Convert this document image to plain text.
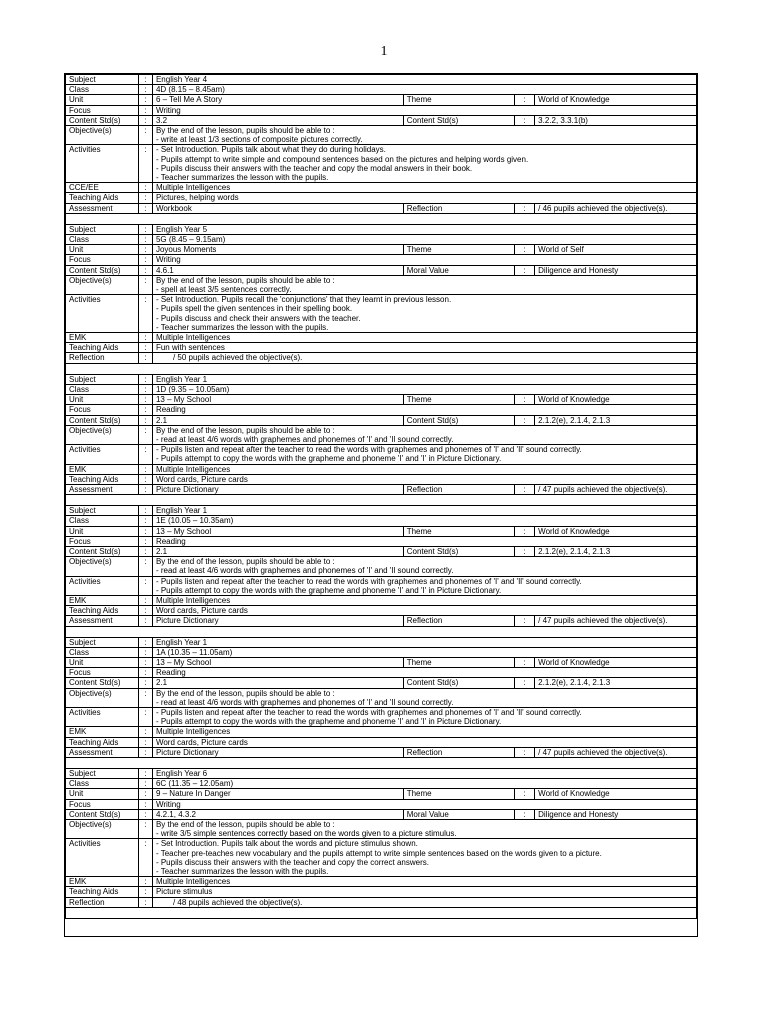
1
Subject	:	English Year 4			
Class	:	4D (8.15 – 8.45am)			
Unit	:	6 – Tell Me A Story	Theme	:	World of Knowledge
Focus	:	Writing			
Content Std(s)	:	3.2	Content Std(s)	:	3.2.2, 3.3.1(b)
Objective(s)	:	By the end of the lesson, pupils should be able to :
- write at least 1/3 sections of composite pictures correctly.			

Activities	:	- Set Introduction. Pupils talk about what they do during holidays.
- Pupils attempt to write simple and compound sentences based on the pictures and helping words given.
- Pupils discuss their answers with the teacher and copy the modal answers in their book.
- Teacher summarizes the lesson with the pupils.			

CCE/EE	:	Multiple Intelligences			
Teaching Aids	:	Pictures, helping words			
Assessment	:	Workbook	Reflection	:	/ 46 pupils achieved the objective(s).

Subject	:	English Year 5			
Class	:	5G (8.45 – 9.15am)			
Unit	:	Joyous Moments	Theme	:	World of Self
Focus	:	Writing			
Content Std(s)	:	4.6.1	Moral Value	:	Diligence and Honesty
Objective(s)	:	By the end of the lesson, pupils should be able to :
- spell at least 3/5 sentences correctly.			

Activities	:	- Set Introduction. Pupils recall the 'conjunctions' that they learnt in previous lesson.
- Pupils spell the given sentences in their spelling book.
- Pupils discuss and check their answers with the teacher.
- Teacher summarizes the lesson with the pupils.			

EMK	:	Multiple Intelligences			
Teaching Aids	:	Fun with sentences			
Reflection	:	/ 50 pupils achieved the objective(s).			

Subject	:	English Year 1			
Class	:	1D (9.35 – 10.05am)			
Unit	:	13 – My School	Theme	:	World of Knowledge
Focus	:	Reading			
Content Std(s)	:	2.1	Content Std(s)	:	2.1.2(e), 2.1.4, 2.1.3
Objective(s)	:	By the end of the lesson, pupils should be able to :
- read at least 4/6 words with graphemes and phonemes of 'I' and 'Il sound correctly.			

Activities	:	- Pupils listen and repeat after the teacher to read the words with graphemes and phonemes of 'I' and 'Il' sound correctly.
- Pupils attempt to copy the words with the grapheme and phoneme 'I' and 'I' in Picture Dictionary.			

EMK	:	Multiple Intelligences			
Teaching Aids	:	Word cards, Picture cards			
Assessment	:	Picture Dictionary	Reflection	:	/ 47 pupils achieved the objective(s).

Subject	:	English Year 1			
Class	:	1E (10.05 – 10.35am)			
Unit	:	13 – My School	Theme	:	World of Knowledge
Focus	:	Reading			
Content Std(s)	:	2.1	Content Std(s)	:	2.1.2(e), 2.1.4, 2.1.3
Objective(s)	:	By the end of the lesson, pupils should be able to :
- read at least 4/6 words with graphemes and phonemes of 'I' and 'Il sound correctly.			

Activities	:	- Pupils listen and repeat after the teacher to read the words with graphemes and phonemes of 'I' and 'Il' sound correctly.
- Pupils attempt to copy the words with the grapheme and phoneme 'I' and 'I' in Picture Dictionary.			

EMK	:	Multiple Intelligences			
Teaching Aids	:	Word cards, Picture cards			
Assessment	:	Picture Dictionary	Reflection	:	/ 47 pupils achieved the objective(s).

Subject	:	English Year 1			
Class	:	1A (10.35 – 11.05am)			
Unit	:	13 – My School	Theme	:	World of Knowledge
Focus	:	Reading			
Content Std(s)	:	2.1	Content Std(s)	:	2.1.2(e), 2.1.4, 2.1.3
Objective(s)	:	By the end of the lesson, pupils should be able to :
- read at least 4/6 words with graphemes and phonemes of 'I' and 'Il sound correctly.			

Activities	:	- Pupils listen and repeat after the teacher to read the words with graphemes and phonemes of 'I' and 'Il' sound correctly.
- Pupils attempt to copy the words with the grapheme and phoneme 'I' and 'I' in Picture Dictionary.			

EMK	:	Multiple Intelligences			
Teaching Aids	:	Word cards, Picture cards			
Assessment	:	Picture Dictionary	Reflection	:	/ 47 pupils achieved the objective(s).

Subject	:	English Year 6			
Class	:	6C (11.35 – 12.05am)			
Unit	:	9 – Nature In Danger	Theme	:	World of Knowledge
Focus	:	Writing			
Content Std(s)	:	4.2.1, 4.3.2	Moral Value	:	Diligence and Honesty
Objective(s)	:	By the end of the lesson, pupils should be able to :
- write 3/5 simple sentences correctly based on the words given to a picture stimulus.			

Activities	:	- Set Introduction. Pupils talk about the words and picture stimulus shown.
- Teacher pre-teaches new vocabulary and the pupils attempt to write simple sentences based on the words given to a picture.
- Pupils discuss their answers with the teacher and copy the correct answers.
- Teacher summarizes the lesson with the pupils.			

EMK	:	Multiple Intelligences			
Teaching Aids	:	Picture stimulus			
Reflection	:	/ 48 pupils achieved the objective(s).			
